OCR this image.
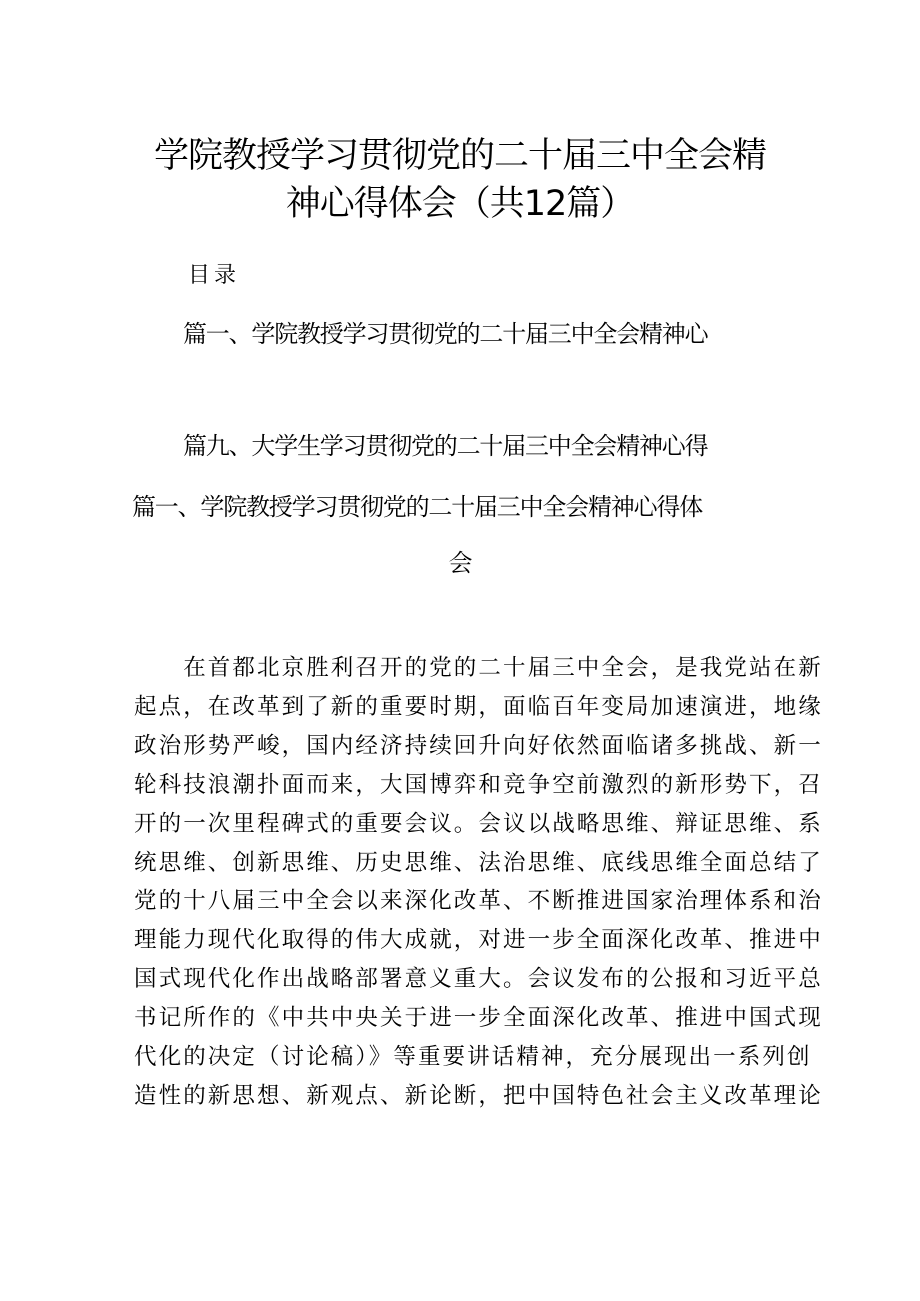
学院教授学习贯彻党的二十届三中全会精
神心得体会（共12篇）
目录
篇一、学院教授学习贯彻党的二十届三中全会精神心
篇九、大学生学习贯彻党的二十届三中全会精神心得
篇一、学院教授学习贯彻党的二十届三中全会精神心得体
会

　　在首都北京胜利召开的党的二十届三中全会，是我党站在新
起点，在改革到了新的重要时期，面临百年变局加速演进，地缘
政治形势严峻，国内经济持续回升向好依然面临诸多挑战、新一
轮科技浪潮扑面而来，大国博弈和竞争空前激烈的新形势下，召
开的一次里程碑式的重要会议。会议以战略思维、辩证思维、系
统思维、创新思维、历史思维、法治思维、底线思维全面总结了
党的十八届三中全会以来深化改革、不断推进国家治理体系和治
理能力现代化取得的伟大成就，对进一步全面深化改革、推进中
国式现代化作出战略部署意义重大。会议发布的公报和习近平总
书记所作的《中共中央关于进一步全面深化改革、推进中国式现
代化的决定（讨论稿）》等重要讲话精神，充分展现出一系列创
造性的新思想、新观点、新论断，把中国特色社会主义改革理论
